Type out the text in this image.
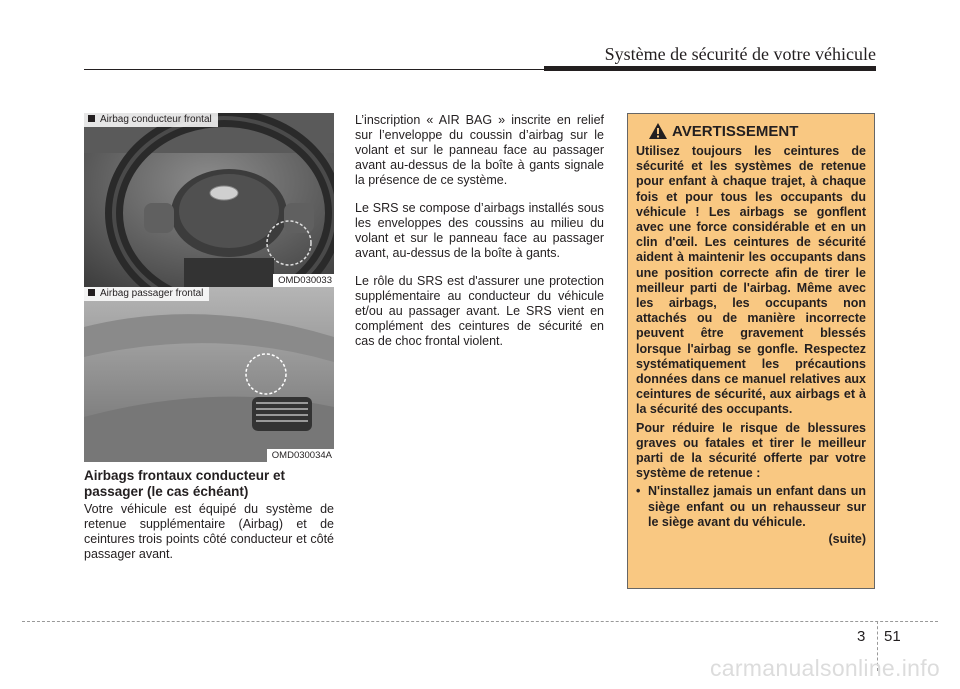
Système de sécurité de votre véhicule
Airbag conducteur frontal
OMD030033
Airbag passager frontal
OMD030034A
Airbags frontaux conducteur et passager (le cas échéant)

Votre véhicule est équipé du système de retenue supplémentaire (Airbag) et de ceintures trois points côté conducteur et côté passager avant.

L’inscription « AIR BAG » inscrite en relief sur l’enveloppe du coussin d’airbag sur le volant et sur le panneau face au passager avant au-dessus de la boîte à gants signale la présence de ce système.

Le SRS se compose d’airbags installés sous les enveloppes des coussins au milieu du volant et sur le panneau face au passager avant, au-dessus de la boîte à gants.

Le rôle du SRS est d'assurer une protection supplémentaire au conducteur du véhicule et/ou au passager avant. Le SRS vient en complément des ceintures de sécurité en cas de choc frontal violent.

AVERTISSEMENT

Utilisez toujours les ceintures de sécurité et les systèmes de retenue pour enfant à chaque trajet, à chaque fois et pour tous les occupants du véhicule ! Les airbags se gonflent avec une force considérable et en un clin d'œil. Les ceintures de sécurité aident à maintenir les occupants dans une position correcte afin de tirer le meilleur parti de l'airbag. Même avec les airbags, les occupants non attachés ou de manière incorrecte peuvent être gravement blessés lorsque l'airbag se gonfle. Respectez systématiquement les précautions données dans ce manuel relatives aux ceintures de sécurité, aux airbags et à la sécurité des occupants.

Pour réduire le risque de blessures graves ou fatales et tirer le meilleur parti de la sécurité offerte par votre système de retenue :

• N'installez jamais un enfant dans un siège enfant ou un rehausseur sur le siège avant du véhicule.
(suite)
3 51
carmanualsonline.info
